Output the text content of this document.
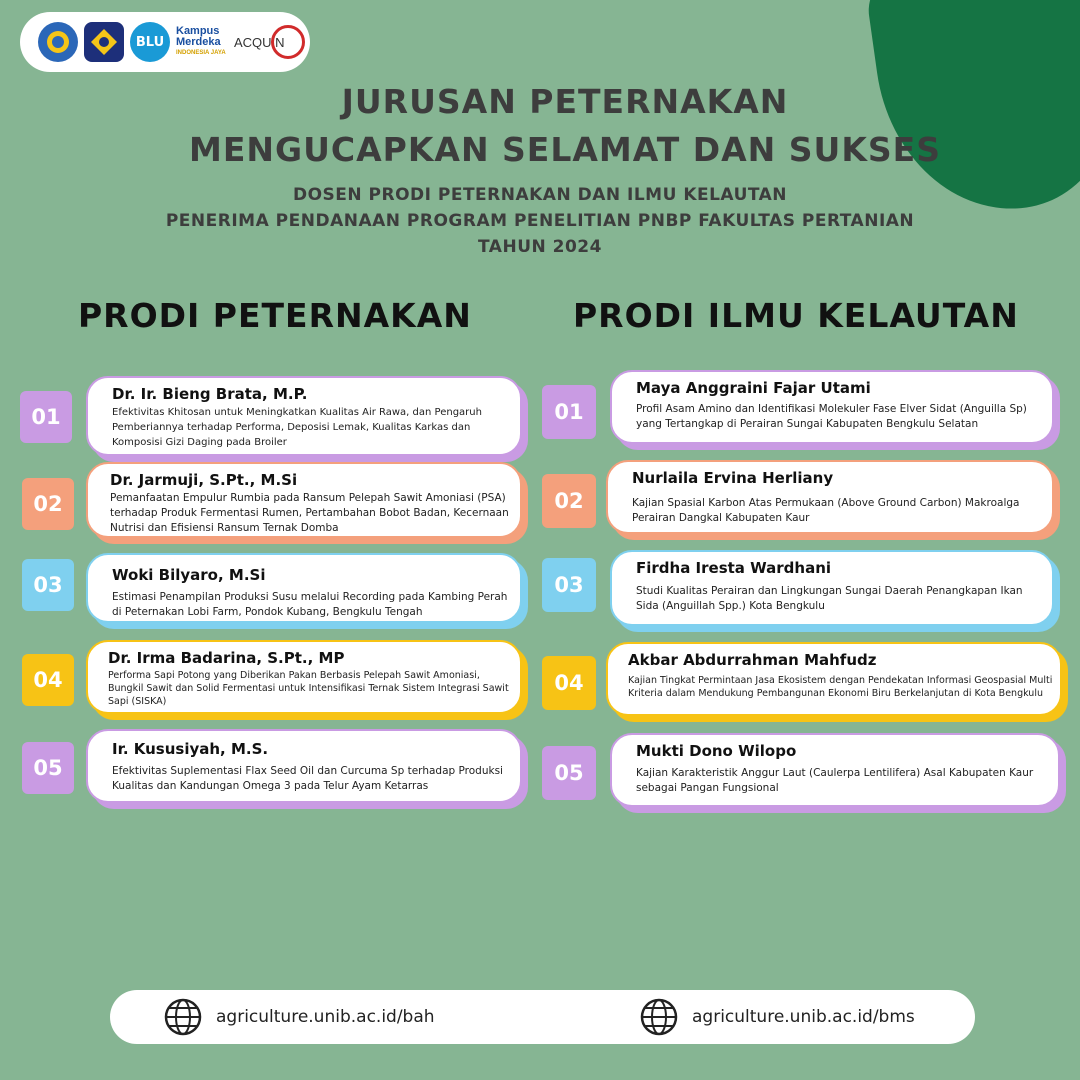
BLU
Kampus
Merdeka
INDONESIA JAYA
ACQUIN
JURUSAN PETERNAKAN
MENGUCAPKAN SELAMAT DAN SUKSES
DOSEN PRODI PETERNAKAN DAN ILMU KELAUTAN
PENERIMA PENDANAAN PROGRAM PENELITIAN PNBP FAKULTAS PERTANIAN
TAHUN 2024
PRODI PETERNAKAN	PRODI ILMU KELAUTAN
01
Dr. Ir. Bieng Brata, M.P.
Efektivitas Khitosan untuk Meningkatkan Kualitas Air Rawa, dan Pengaruh Pemberiannya terhadap Performa, Deposisi Lemak, Kualitas Karkas dan Komposisi Gizi Daging pada Broiler
02
Dr. Jarmuji, S.Pt., M.Si
Pemanfaatan Empulur Rumbia pada Ransum Pelepah Sawit Amoniasi (PSA) terhadap Produk Fermentasi Rumen, Pertambahan Bobot Badan, Kecernaan Nutrisi dan Efisiensi Ransum Ternak Domba
03	Woki Bilyaro, M.Si
Estimasi Penampilan Produksi Susu melalui Recording pada Kambing Perah di Peternakan Lobi Farm, Pondok Kubang, Bengkulu Tengah
04
Dr. Irma Badarina, S.Pt., MP
Performa Sapi Potong yang Diberikan Pakan Berbasis Pelepah Sawit Amoniasi, Bungkil Sawit dan Solid Fermentasi untuk Intensifikasi Ternak Sistem Integrasi Sawit Sapi (SISKA)
05
Ir. Kususiyah, M.S.
Efektivitas Suplementasi Flax Seed Oil dan Curcuma Sp terhadap Produksi Kualitas dan Kandungan Omega 3 pada Telur Ayam Ketarras
01
Maya Anggraini Fajar Utami
Profil Asam Amino dan Identifikasi Molekuler Fase Elver Sidat (Anguilla Sp) yang Tertangkap di Perairan Sungai Kabupaten Bengkulu Selatan
02
Nurlaila Ervina Herliany
Kajian Spasial Karbon Atas Permukaan (Above Ground Carbon) Makroalga Perairan Dangkal Kabupaten Kaur
03
Firdha Iresta Wardhani
Studi Kualitas Perairan dan Lingkungan Sungai Daerah Penangkapan Ikan Sida (Anguillah Spp.) Kota Bengkulu
04
Akbar Abdurrahman Mahfudz
Kajian Tingkat Permintaan Jasa Ekosistem dengan Pendekatan Informasi Geospasial Multi Kriteria dalam Mendukung Pembangunan Ekonomi Biru Berkelanjutan di Kota Bengkulu
05
Mukti Dono Wilopo
Kajian Karakteristik Anggur Laut (Caulerpa Lentilifera) Asal Kabupaten Kaur sebagai Pangan Fungsional
agriculture.unib.ac.id/bah	agriculture.unib.ac.id/bms
